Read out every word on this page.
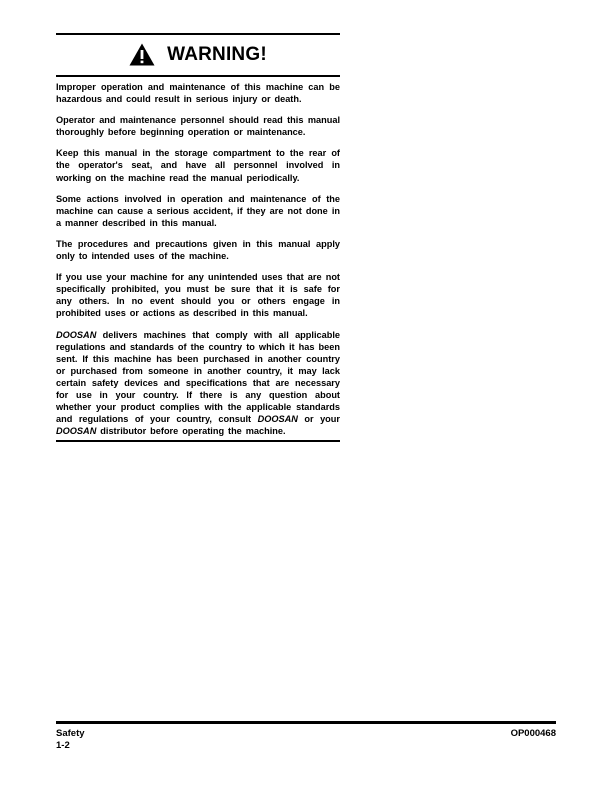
WARNING!

Improper operation and maintenance of this machine can be hazardous and could result in serious injury or death.

Operator and maintenance personnel should read this manual thoroughly before beginning operation or maintenance.

Keep this manual in the storage compartment to the rear of the operator's seat, and have all personnel involved in working on the machine read the manual periodically.

Some actions involved in operation and maintenance of the machine can cause a serious accident, if they are not done in a manner described in this manual.

The procedures and precautions given in this manual apply only to intended uses of the machine.

If you use your machine for any unintended uses that are not specifically prohibited, you must be sure that it is safe for any others. In no event should you or others engage in prohibited uses or actions as described in this manual.

DOOSAN delivers machines that comply with all applicable regulations and standards of the country to which it has been sent. If this machine has been purchased in another country or purchased from someone in another country, it may lack certain safety devices and specifications that are necessary for use in your country. If there is any question about whether your product complies with the applicable standards and regulations of your country, consult DOOSAN or your DOOSAN distributor before operating the machine.

Safety
1-2
OP000468
